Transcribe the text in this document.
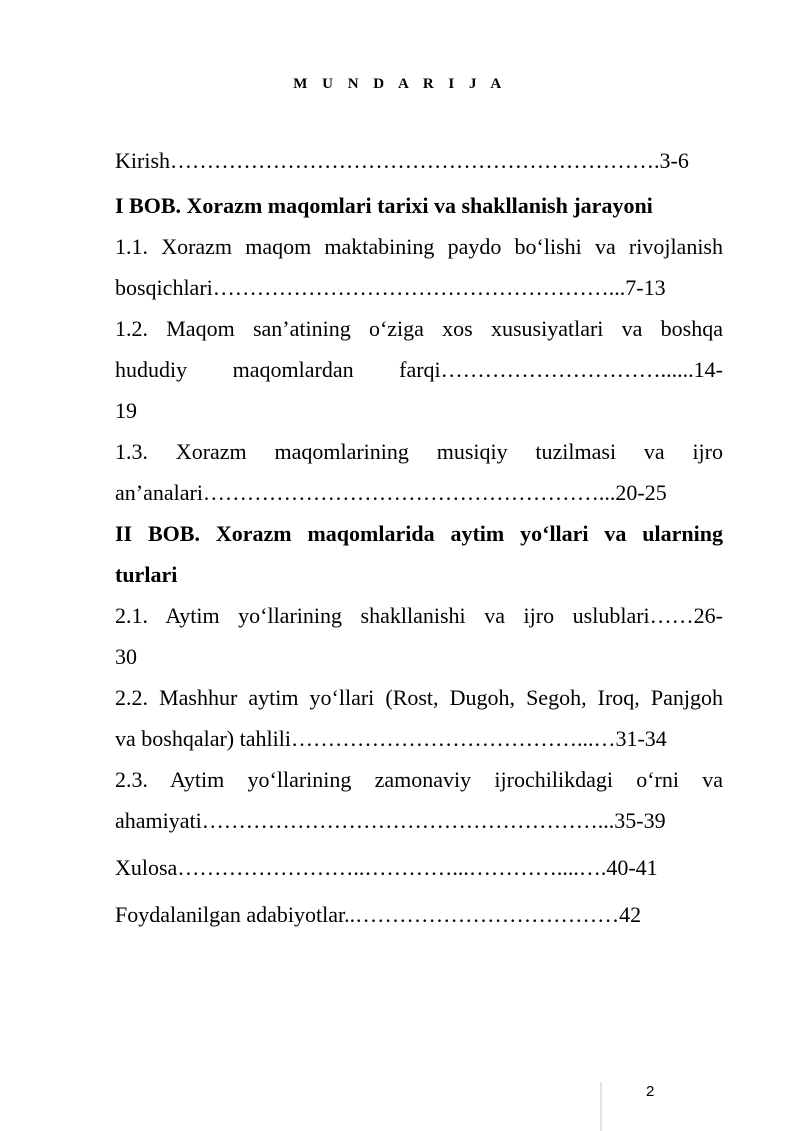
M U N D A R I J A
Kirish………………………………………………………….3-6
I BOB. Xorazm maqomlari tarixi va shakllanish jarayoni
1.1. Xorazm maqom maktabining paydo bo‘lishi va rivojlanish
bosqichlari………………………………………………...7-13
1.2. Maqom san’atining o‘ziga xos xususiyatlari va boshqa
hududiy maqomlardan farqi…………………………......14-
19
1.3. Xorazm maqomlarining musiqiy tuzilmasi va ijro
an’analari………………………………………………...20-25
II BOB. Xorazm maqomlarida aytim yo‘llari va ularning
turlari
2.1. Aytim yo‘llarining shakllanishi va ijro uslublari……26-
30
2.2. Mashhur aytim yo‘llari (Rost, Dugoh, Segoh, Iroq, Panjgoh
va boshqalar) tahlili…………………………………...…31-34
2.3. Aytim yo‘llarining zamonaviy ijrochilikdagi o‘rni va
ahamiyati………………………………………………...35-39
Xulosa……………………..…………...…………....….40-41
Foydalanilgan adabiyotlar..………………………………42
2
